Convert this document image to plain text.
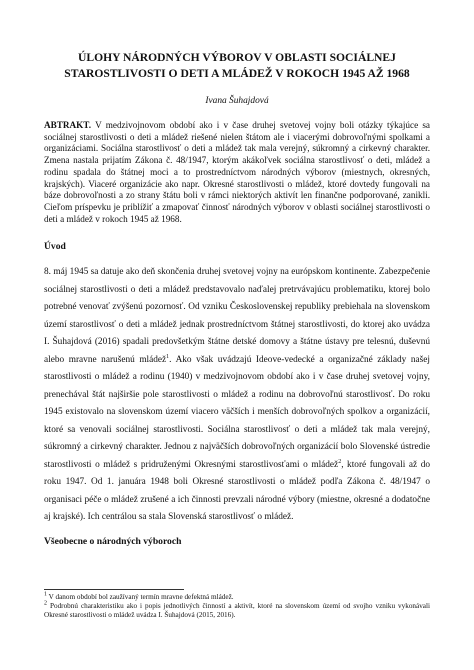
ÚLOHY NÁRODNÝCH VÝBOROV V OBLASTI SOCIÁLNEJ
STAROSTLIVOSTI O DETI A MLÁDEŽ V ROKOCH 1945 AŽ 1968

Ivana Šuhajdová

ABTRAKT. V medzivojnovom období ako i v čase druhej svetovej vojny boli otázky týkajúce sa sociálnej starostlivosti o deti a mládež riešené nielen štátom ale i viacerými dobrovoľnými spolkami a organizáciami. Sociálna starostlivosť o deti a mládež tak mala verejný, súkromný a cirkevný charakter. Zmena nastala prijatím Zákona č. 48/1947, ktorým akákoľvek sociálna starostlivosť o deti, mládež a rodinu spadala do štátnej moci a to prostredníctvom národných výborov (miestnych, okresných, krajských). Viaceré organizácie ako napr. Okresné starostlivosti o mládež, ktoré dovtedy fungovali na báze dobrovoľnosti a zo strany štátu boli v rámci niektorých aktivít len finančne podporované, zanikli. Cieľom príspevku je priblížiť a zmapovať činnosť národných výborov v oblasti sociálnej starostlivosti o deti a mládež v rokoch 1945 až 1968.

Úvod

8. máj 1945 sa datuje ako deň skončenia druhej svetovej vojny na európskom kontinente. Zabezpečenie sociálnej starostlivosti o deti a mládež predstavovalo naďalej pretrvávajúcu problematiku, ktorej bolo potrebné venovať zvýšenú pozornosť. Od vzniku Československej republiky prebiehala na slovenskom území starostlivosť o deti a mládež jednak prostredníctvom štátnej starostlivosti, do ktorej ako uvádza I. Šuhajdová (2016) spadali predovšetkým štátne detské domovy a štátne ústavy pre telesnú, duševnú alebo mravne narušenú mládež$^1$. Ako však uvádzajú Ideove-vedecké a organizačné základy našej starostlivosti o mládež a rodinu (1940) v medzivojnovom období ako i v čase druhej svetovej vojny, prenechával štát najširšie pole starostlivosti o mládež a rodinu na dobrovoľnú starostlivosť. Do roku 1945 existovalo na slovenskom území viacero väčších i menších dobrovoľných spolkov a organizácií, ktoré sa venovali sociálnej starostlivosti. Sociálna starostlivosť o deti a mládež tak mala verejný, súkromný a cirkevný charakter. Jednou z najväčších dobrovoľných organizácií bolo Slovenské ústredie starostlivosti o mládež s pridruženými Okresnými starostlivosťami o mládež$^2$, ktoré fungovali až do roku 1947. Od 1. januára 1948 boli Okresné starostlivosti o mládež podľa Zákona č. 48/1947 o organisaci péče o mládež zrušené a ich činnosti prevzali národné výbory (miestne, okresné a dodatočne aj krajské). Ich centrálou sa stala Slovenská starostlivosť o mládež.

Všeobecne o národných výboroch

$^1$ V danom období bol zaužívaný termín mravne defektná mládež.

$^2$ Podrobnú charakteristiku ako i popis jednotlivých činností a aktivít, ktoré na slovenskom území od svojho vzniku vykonávali Okresné starostlivosti o mládež uvádza I. Šuhajdová (2015, 2016).
